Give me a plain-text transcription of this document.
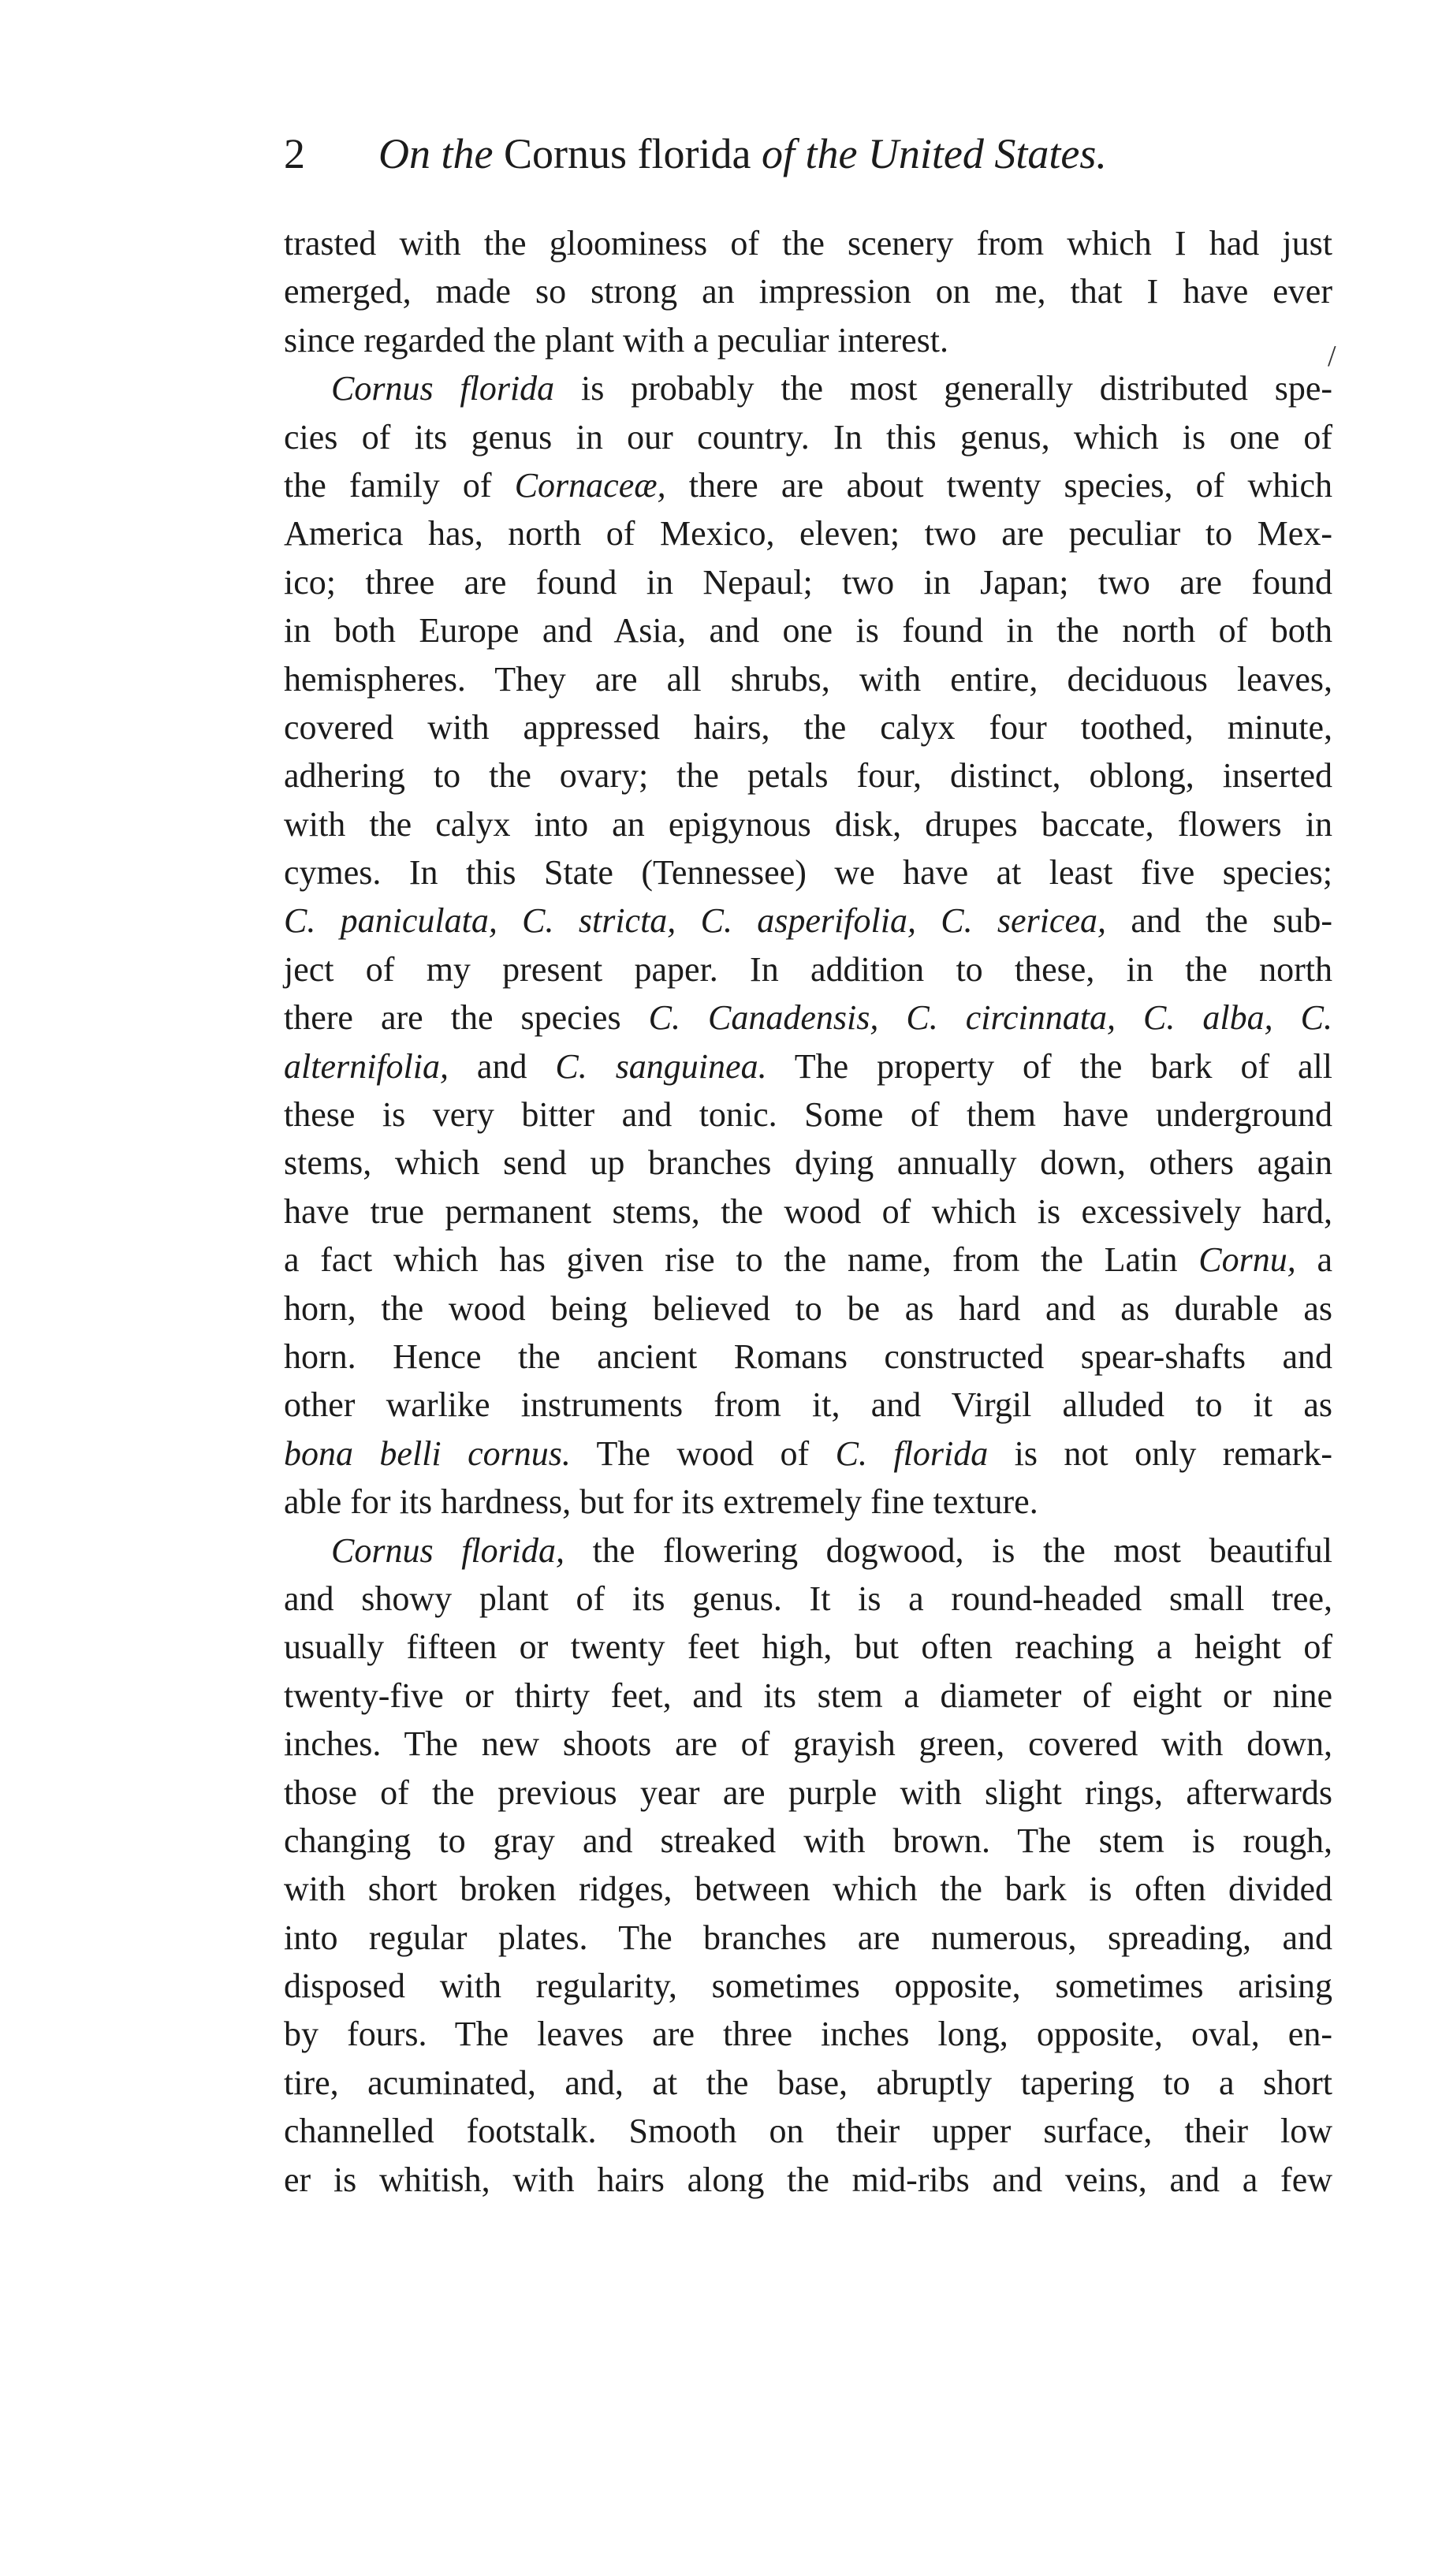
2 On the Cornus florida of the United States.
/
trasted with the gloominess of the scenery from which I had just
emerged, made so strong an impression on me, that I have ever
since regarded the plant with a peculiar interest.
Cornus florida is probably the most generally distributed spe-
cies of its genus in our country. In this genus, which is one of
the family of Cornaceæ, there are about twenty species, of which
America has, north of Mexico, eleven; two are peculiar to Mex-
ico; three are found in Nepaul; two in Japan; two are found
in both Europe and Asia, and one is found in the north of both
hemispheres. They are all shrubs, with entire, deciduous leaves,
covered with appressed hairs, the calyx four toothed, minute,
adhering to the ovary; the petals four, distinct, oblong, inserted
with the calyx into an epigynous disk, drupes baccate, flowers in
cymes. In this State (Tennessee) we have at least five species;
C. paniculata, C. stricta, C. asperifolia, C. sericea, and the sub-
ject of my present paper. In addition to these, in the north
there are the species C. Canadensis, C. circinnata, C. alba, C.
alternifolia, and C. sanguinea. The property of the bark of all
these is very bitter and tonic. Some of them have underground
stems, which send up branches dying annually down, others again
have true permanent stems, the wood of which is excessively hard,
a fact which has given rise to the name, from the Latin Cornu, a
horn, the wood being believed to be as hard and as durable as
horn. Hence the ancient Romans constructed spear-shafts and
other warlike instruments from it, and Virgil alluded to it as
bona belli cornus. The wood of C. florida is not only remark-
able for its hardness, but for its extremely fine texture.
Cornus florida, the flowering dogwood, is the most beautiful
and showy plant of its genus. It is a round-headed small tree,
usually fifteen or twenty feet high, but often reaching a height of
twenty-five or thirty feet, and its stem a diameter of eight or nine
inches. The new shoots are of grayish green, covered with down,
those of the previous year are purple with slight rings, afterwards
changing to gray and streaked with brown. The stem is rough,
with short broken ridges, between which the bark is often divided
into regular plates. The branches are numerous, spreading, and
disposed with regularity, sometimes opposite, sometimes arising
by fours. The leaves are three inches long, opposite, oval, en-
tire, acuminated, and, at the base, abruptly tapering to a short
channelled footstalk. Smooth on their upper surface, their low
er is whitish, with hairs along the mid-ribs and veins, and a few
